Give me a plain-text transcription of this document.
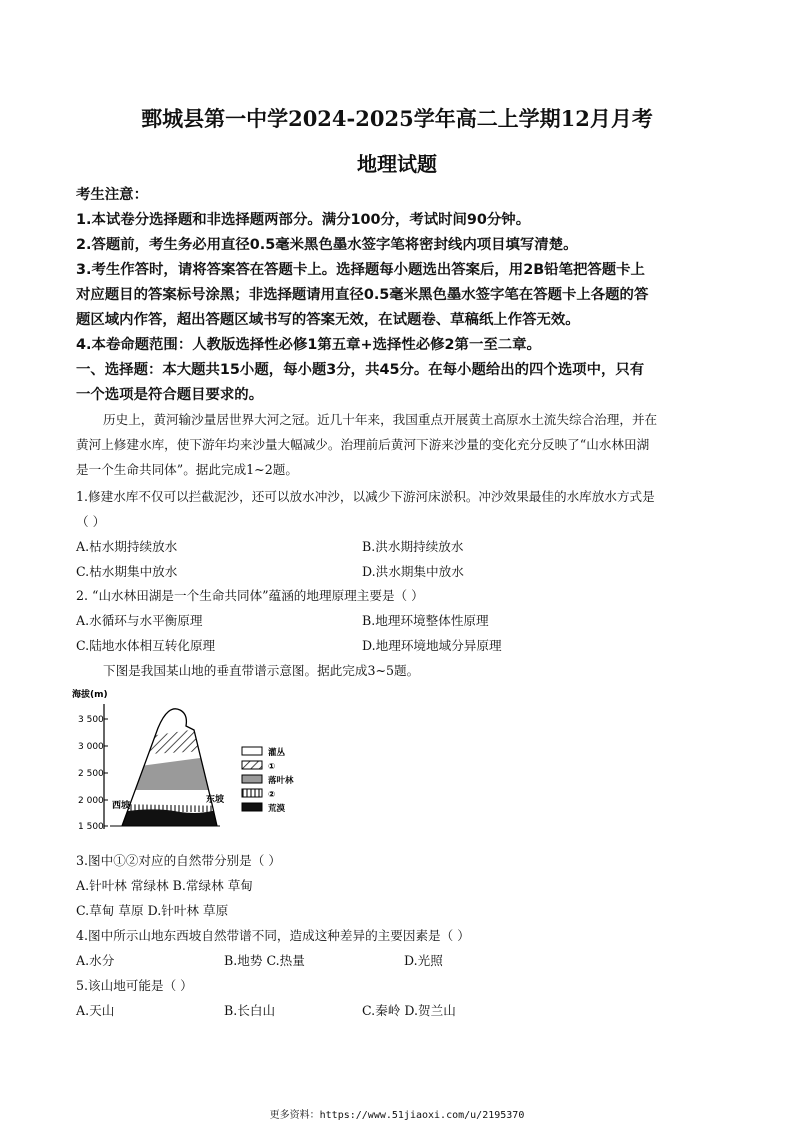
鄄城县第一中学2024-2025学年高二上学期12月月考
地理试题
考生注意：
1.本试卷分选择题和非选择题两部分。满分100分，考试时间90分钟。
2.答题前，考生务必用直径0.5毫米黑色墨水签字笔将密封线内项目填写清楚。
3.考生作答时，请将答案答在答题卡上。选择题每小题选出答案后，用2B铅笔把答题卡上
对应题目的答案标号涂黑；非选择题请用直径0.5毫米黑色墨水签字笔在答题卡上各题的答
题区域内作答，超出答题区域书写的答案无效，在试题卷、草稿纸上作答无效。
4.本卷命题范围：人教版选择性必修1第五章+选择性必修2第一至二章。
一、选择题：本大题共15小题，每小题3分，共45分。在每小题给出的四个选项中，只有
一个选项是符合题目要求的。
历史上，黄河输沙量居世界大河之冠。近几十年来，我国重点开展黄土高原水土流失综合治理，并在
黄河上修建水库，使下游年均来沙量大幅减少。治理前后黄河下游来沙量的变化充分反映了“山水林田湖
是一个生命共同体”。据此完成1~2题。
1.修建水库不仅可以拦截泥沙，还可以放水冲沙，以减少下游河床淤积。冲沙效果最佳的水库放水方式是
（ ）
A.枯水期持续放水	B.洪水期持续放水
C.枯水期集中放水	D.洪水期集中放水
2. “山水林田湖是一个生命共同体”蕴涵的地理原理主要是（ ）
A.水循环与水平衡原理	B.地理环境整体性原理
C.陆地水体相互转化原理	D.地理环境地域分异原理
下图是我国某山地的垂直带谱示意图。据此完成3~5题。
海拔(m)
3 500
3 000
2 500
2 000
1 500
西坡
东坡
灌丛
①
落叶林
②
荒漠
3.图中①②对应的自然带分别是（ ）
A.针叶林 常绿林 B.常绿林 草甸
C.草甸 草原 D.针叶林 草原
4.图中所示山地东西坡自然带谱不同，造成这种差异的主要因素是（ ）
A.水分	B.地势 C.热量	D.光照
5.该山地可能是（ ）
A.天山	B.长白山	C.秦岭 D.贺兰山
更多资料：https://www.51jiaoxi.com/u/2195370
